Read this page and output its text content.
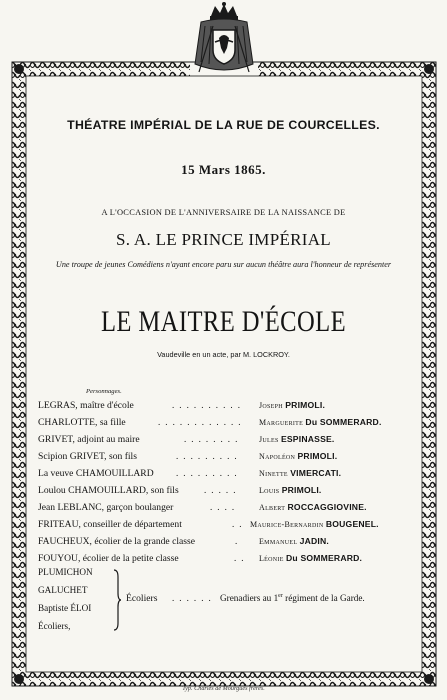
THÉATRE IMPÉRIAL DE LA RUE DE COURCELLES.
15 Mars 1865.
A L'OCCASION DE L'ANNIVERSAIRE DE LA NAISSANCE DE
S. A. LE PRINCE IMPÉRIAL
Une troupe de jeunes Comédiens n'ayant encore paru sur aucun théâtre aura l'honneur de représenter
LE MAITRE D'ÉCOLE
Vaudeville en un acte, par M. LOCKROY.
Personnages.
LEGRAS, maître d'école	. . . . . . . . . . Joseph PRIMOLI.
CHARLOTTE, sa fille	. . . . . . . . . . . . Marguerite Du SOMMERARD.
GRIVET, adjoint au maire	. . . . . . . .	Jules ESPINASSE.
Scipion GRIVET, son fils	. . . . . . . . .	Napoléon PRIMOLI.
La veuve CHAMOUILLARD . . . . . . . . .	Ninette VIMERCATI.
Loulou CHAMOUILLARD, son fils	. . . . .	Louis PRIMOLI.
Jean LEBLANC, garçon boulanger	. . . .	Albert ROCCAGGIOVINE.
FRITEAU, conseiller de département	. . Maurice-Bernardin BOUGENEL.
FAUCHEUX, écolier de la grande classe	.	Emmanuel JADIN.
FOUYOU, écolier de la petite classe	. . Léonie Du SOMMERARD.
PLUMICHON
GALUCHET
Baptiste ÉLOI
Écoliers,
Écoliers . . . . . . Grenadiers au 1er régiment de la Garde.
Typ. Charles de Mourgues frères.
